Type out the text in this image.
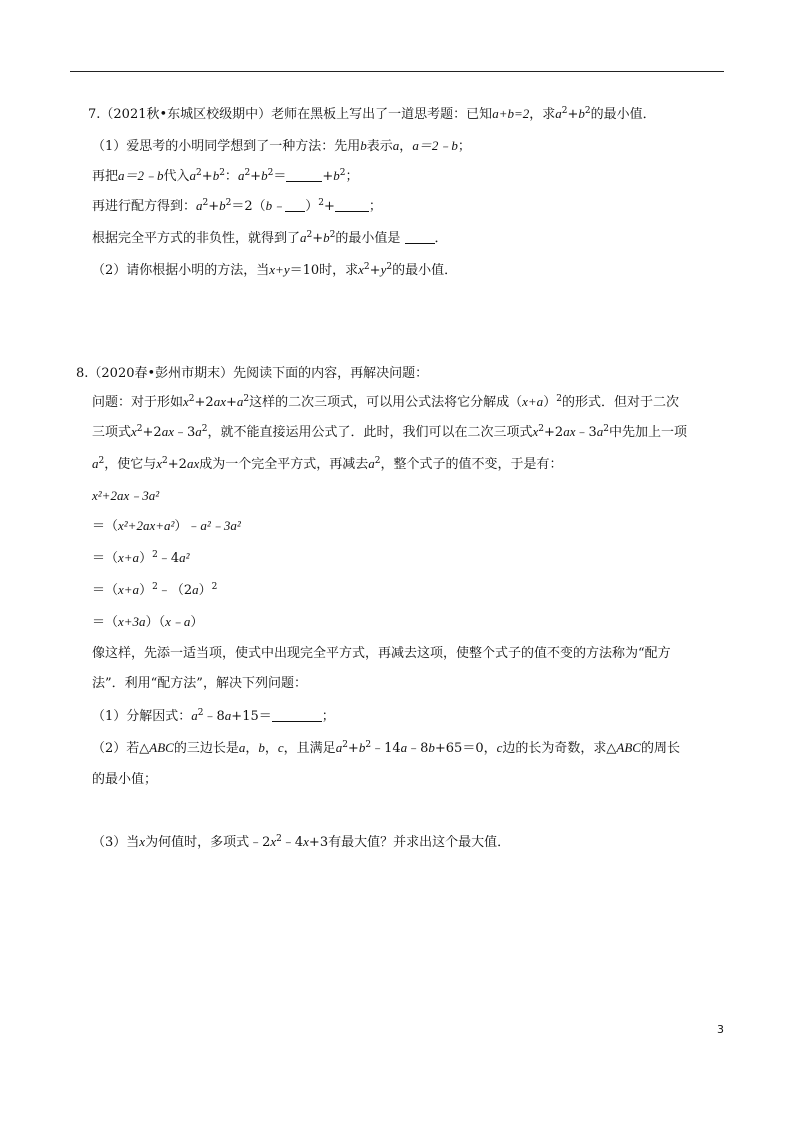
7.（2021秋•东城区校级期中）老师在黑板上写出了一道思考题：已知a+b=2，求$a^2+b^2$的最小值．
（1）爱思考的小明同学想到了一种方法：先用b表示a，a＝2﹣b；
再把a＝2﹣b代入$a^2+b^2$：$a^2+b^2=$	$+b^2$；
再进行配方得到：$a^2+b^2=2(b﹣$ ）$^2$+	；
根据完全平方式的非负性，就得到了$a^2+b^2$的最小值是	．
（2）请你根据小明的方法，当x+y＝10时，求$x^2+y^2$的最小值．
8.（2020春•彭州市期末）先阅读下面的内容，再解决问题：
问题：对于形如$x^2+2ax+a^2$这样的二次三项式，可以用公式法将它分解成$(x+a)^2$的形式．但对于二次
三项式$x^2+2ax﹣3a^2$，就不能直接运用公式了．此时，我们可以在二次三项式$x^2+2ax﹣3a^2$中先加上一项
$a^2$，使它与$x^2+2ax$成为一个完全平方式，再减去$a^2$，整个式子的值不变，于是有：
x²+2ax﹣3a²
＝（x²+2ax+a²）﹣a²﹣3a²
$=(x+a)^2﹣4a^2$
$=(x+a)^2﹣(2a)^2$
＝（x+3a）（x﹣a）
像这样，先添一适当项，使式中出现完全平方式，再减去这项，使整个式子的值不变的方法称为“配方
法”．利用“配方法”，解决下列问题：
（1）分解因式：$a^2﹣8a+15=$	；
（2）若△ABC的三边长是a，b，c，且满足$a^2+b^2﹣14a﹣8b+65=0$，c边的长为奇数，求△ABC的周长
的最小值；
（3）当x为何值时，多项式$﹣2x^2﹣4x+3$有最大值？并求出这个最大值．
3
